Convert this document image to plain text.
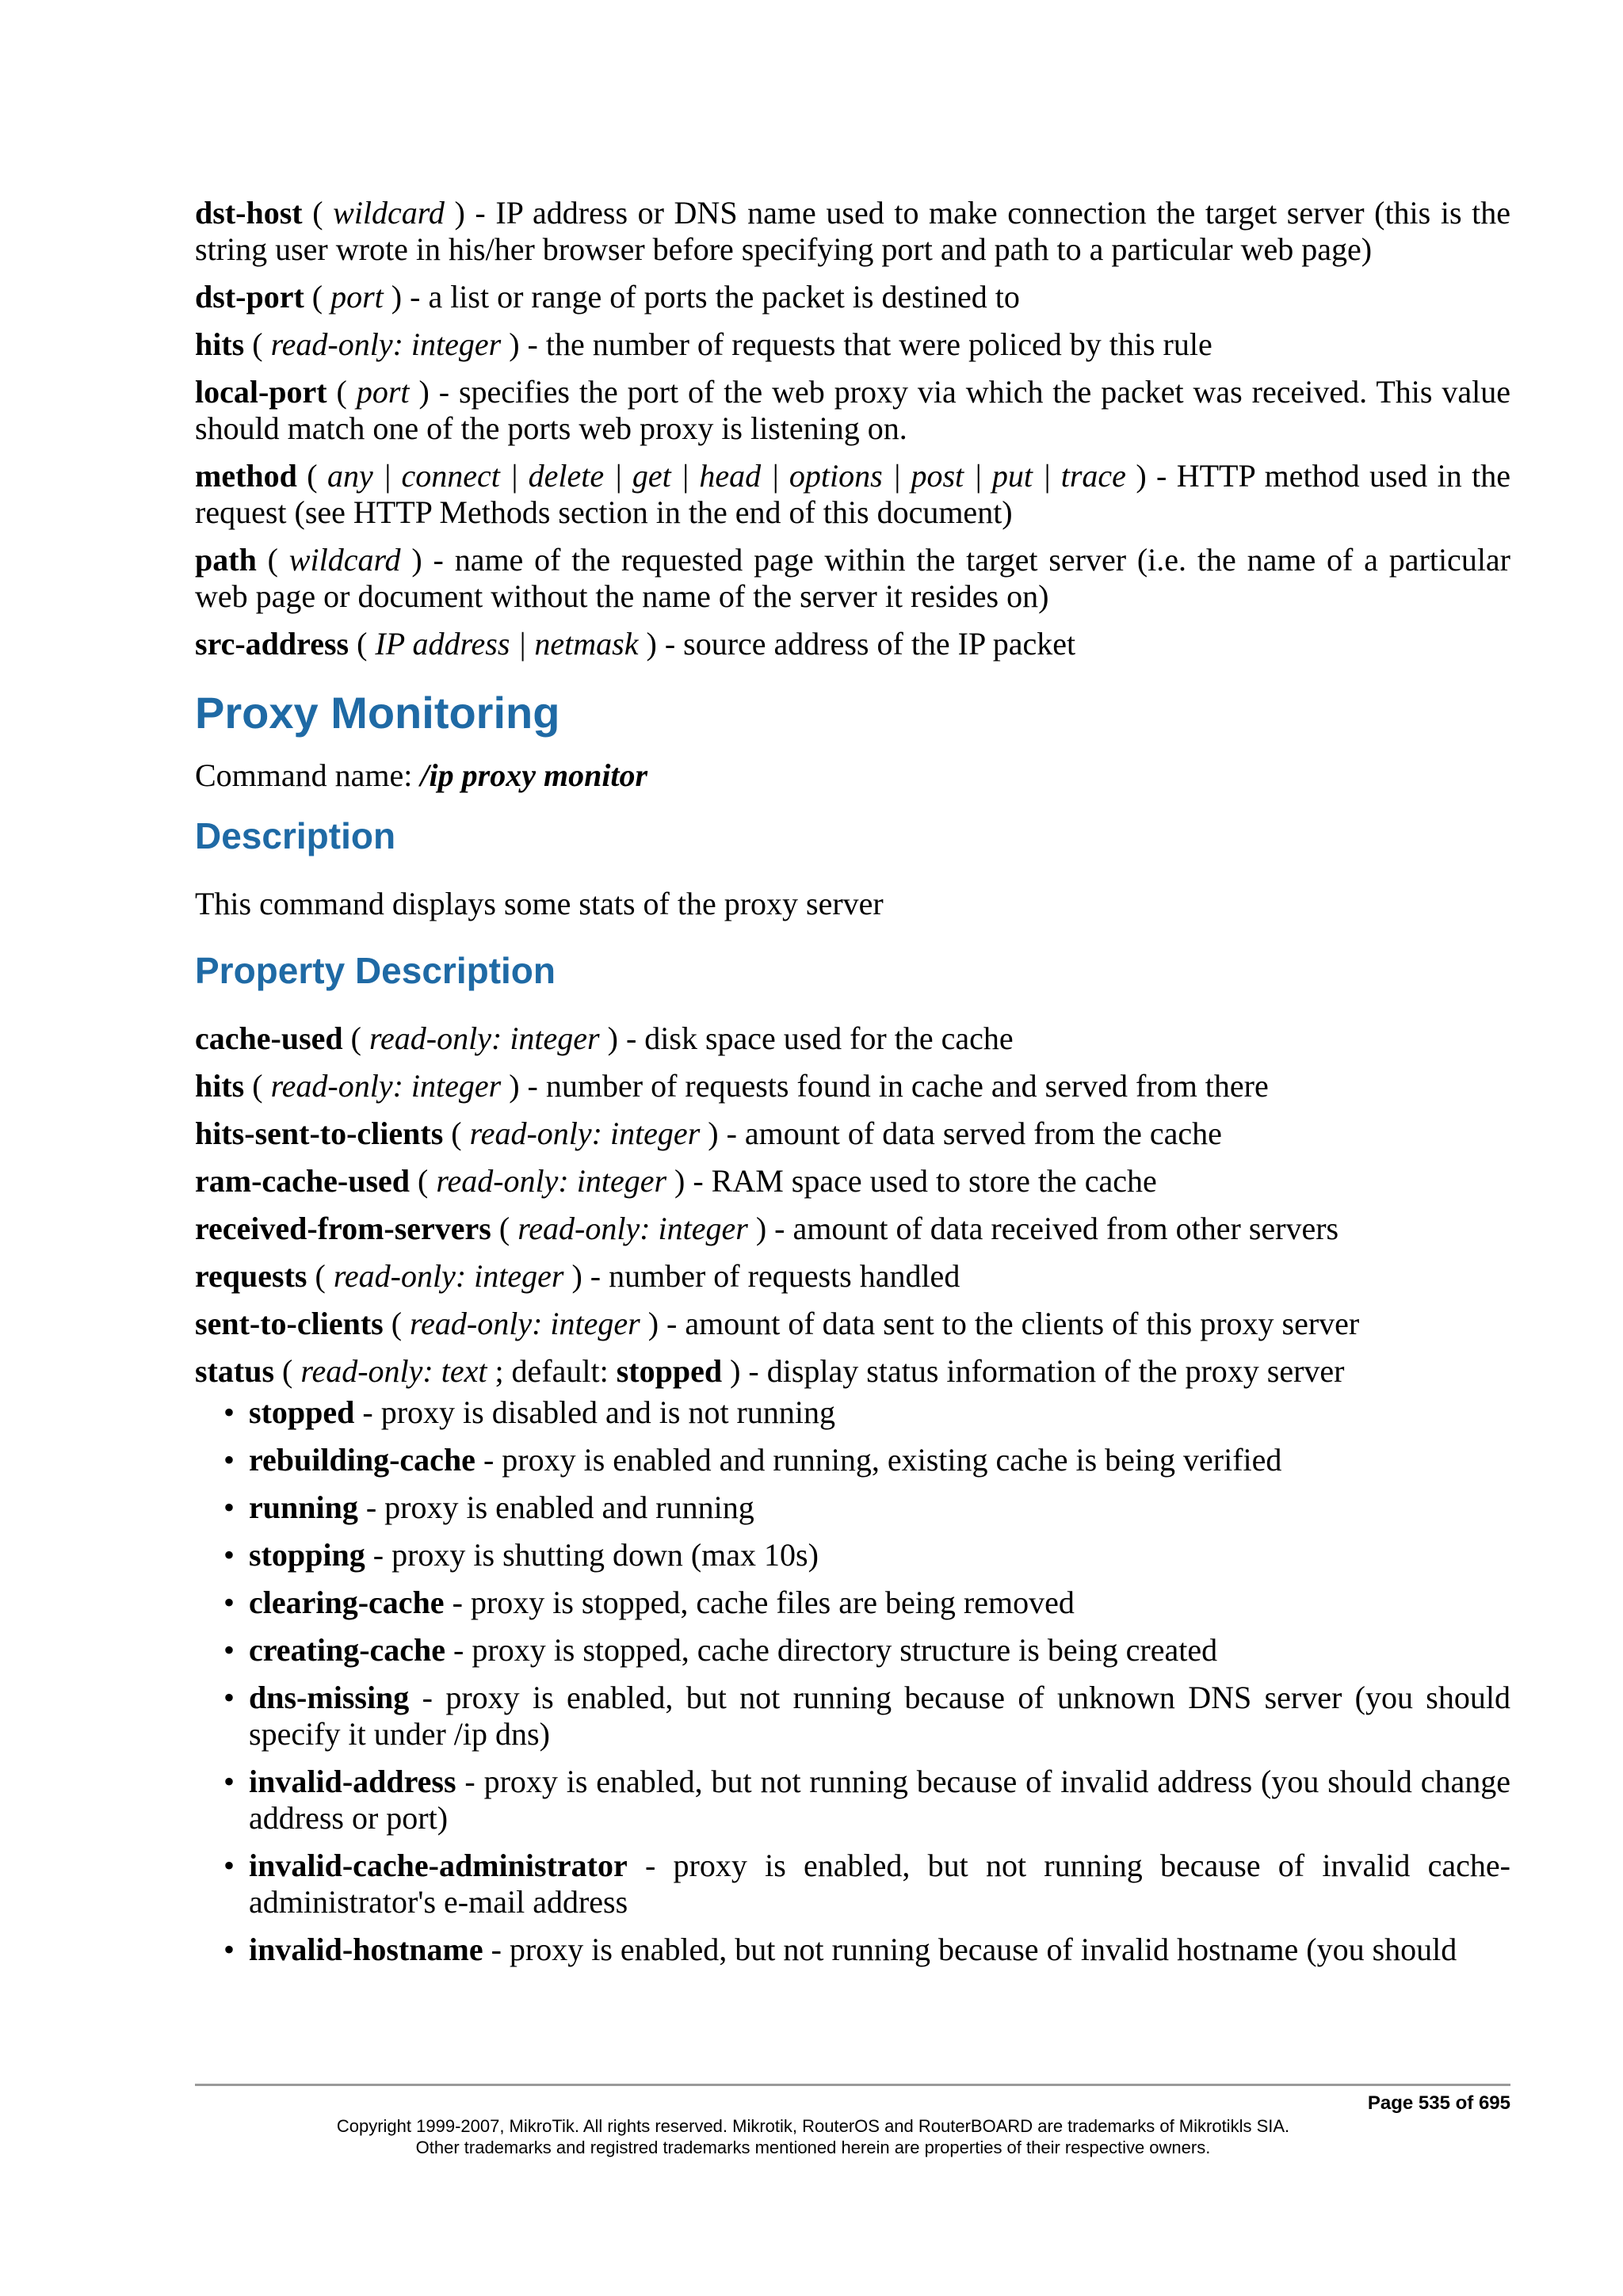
dst-host ( wildcard ) - IP address or DNS name used to make connection the target server (this is the string user wrote in his/her browser before specifying port and path to a particular web page)

dst-port ( port ) - a list or range of ports the packet is destined to

hits ( read-only: integer ) - the number of requests that were policed by this rule

local-port ( port ) - specifies the port of the web proxy via which the packet was received. This value should match one of the ports web proxy is listening on.

method ( any | connect | delete | get | head | options | post | put | trace ) - HTTP method used in the request (see HTTP Methods section in the end of this document)

path ( wildcard ) - name of the requested page within the target server (i.e. the name of a particular web page or document without the name of the server it resides on)

src-address ( IP address | netmask ) - source address of the IP packet

Proxy Monitoring

Command name: /ip proxy monitor

Description

This command displays some stats of the proxy server

Property Description

cache-used ( read-only: integer ) - disk space used for the cache

hits ( read-only: integer ) - number of requests found in cache and served from there

hits-sent-to-clients ( read-only: integer ) - amount of data served from the cache

ram-cache-used ( read-only: integer ) - RAM space used to store the cache

received-from-servers ( read-only: integer ) - amount of data received from other servers

requests ( read-only: integer ) - number of requests handled

sent-to-clients ( read-only: integer ) - amount of data sent to the clients of this proxy server

status ( read-only: text ; default: stopped ) - display status information of the proxy server

• stopped - proxy is disabled and is not running
• rebuilding-cache - proxy is enabled and running, existing cache is being verified
• running - proxy is enabled and running
• stopping - proxy is shutting down (max 10s)
• clearing-cache - proxy is stopped, cache files are being removed
• creating-cache - proxy is stopped, cache directory structure is being created
• dns-missing - proxy is enabled, but not running because of unknown DNS server (you should specify it under /ip dns)
• invalid-address - proxy is enabled, but not running because of invalid address (you should change address or port)
• invalid-cache-administrator - proxy is enabled, but not running because of invalid cache-administrator's e-mail address
• invalid-hostname - proxy is enabled, but not running because of invalid hostname (you should
Page 535 of 695
Copyright 1999-2007, MikroTik. All rights reserved. Mikrotik, RouterOS and RouterBOARD are trademarks of Mikrotikls SIA.
Other trademarks and registred trademarks mentioned herein are properties of their respective owners.
